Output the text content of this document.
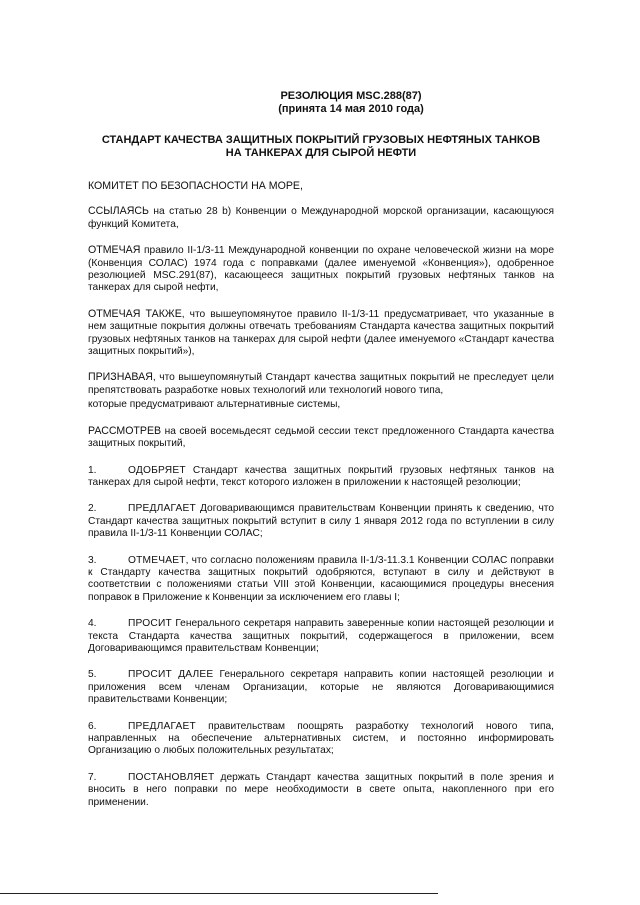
РЕЗОЛЮЦИЯ MSC.288(87)
(принята 14 мая 2010 года)
СТАНДАРТ КАЧЕСТВА ЗАЩИТНЫХ ПОКРЫТИЙ ГРУЗОВЫХ НЕФТЯНЫХ ТАНКОВ НА ТАНКЕРАХ ДЛЯ СЫРОЙ НЕФТИ

КОМИТЕТ ПО БЕЗОПАСНОСТИ НА МОРЕ,

ССЫЛАЯСЬ на статью 28 b) Конвенции о Международной морской организации, касающуюся функций Комитета,

ОТМЕЧАЯ правило II-1/3-11 Международной конвенции по охране человеческой жизни на море (Конвенция СОЛАС) 1974 года с поправками (далее именуемой «Конвенция»), одобренное резолюцией MSC.291(87), касающееся защитных покрытий грузовых нефтяных танков на танкерах для сырой нефти,

ОТМЕЧАЯ ТАКЖЕ, что вышеупомянутое правило II-1/3-11 предусматривает, что указанные в нем защитные покрытия должны отвечать требованиям Стандарта качества защитных покрытий грузовых нефтяных танков на танкерах для сырой нефти (далее именуемого «Стандарт качества защитных покрытий»),

ПРИЗНАВАЯ, что вышеупомянутый Стандарт качества защитных покрытий не преследует цели препятствовать разработке новых технологий или технологий нового типа,

которые предусматривают альтернативные системы,

РАССМОТРЕВ на своей восемьдесят седьмой сессии текст предложенного Стандарта качества защитных покрытий,

1.	ОДОБРЯЕТ Стандарт качества защитных покрытий грузовых нефтяных танков на танкерах для сырой нефти, текст которого изложен в приложении к настоящей резолюции;

2.	ПРЕДЛАГАЕТ Договаривающимся правительствам Конвенции принять к сведению, что Стандарт качества защитных покрытий вступит в силу 1 января 2012 года по вступлении в силу правила II-1/3-11 Конвенции СОЛАС;

3.	ОТМЕЧАЕТ, что согласно положениям правила II-1/3-11.3.1 Конвенции СОЛАС поправки к Стандарту качества защитных покрытий одобряются, вступают в силу и действуют в соответствии с положениями статьи VIII этой Конвенции, касающимися процедуры внесения поправок в Приложение к Конвенции за исключением его главы I;

4.	ПРОСИТ Генерального секретаря направить заверенные копии настоящей резолюции и текста Стандарта качества защитных покрытий, содержащегося в приложении, всем Договаривающимся правительствам Конвенции;

5.	ПРОСИТ ДАЛЕЕ Генерального секретаря направить копии настоящей резолюции и приложения всем членам Организации, которые не являются Договаривающимися правительствами Конвенции;

6.	ПРЕДЛАГАЕТ правительствам поощрять разработку технологий нового типа, направленных на обеспечение альтернативных систем, и постоянно информировать Организацию о любых положительных результатах;

7.	ПОСТАНОВЛЯЕТ держать Стандарт качества защитных покрытий в поле зрения и вносить в него поправки по мере необходимости в свете опыта, накопленного при его применении.
